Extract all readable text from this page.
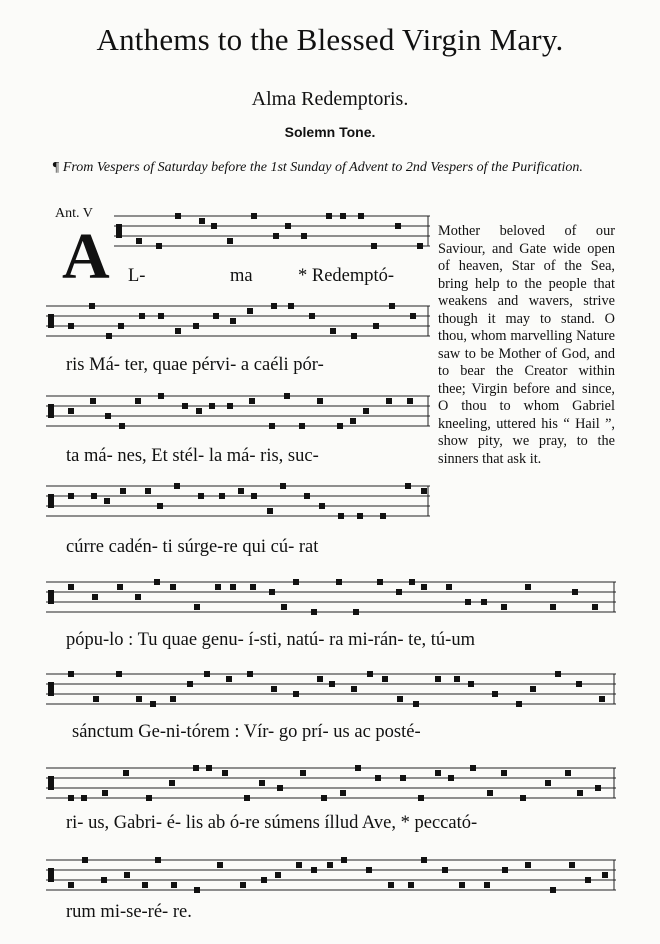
Anthems to the Blessed Virgin Mary.
Alma Redemptoris.
Solemn Tone.
¶ From Vespers of Saturday before the 1st Sunday of Advent to 2nd Vespers of the Purification.
Ant. V
A	Mother beloved of our Saviour, and Gate wide open of heaven, Star of the Sea, bring help to the people that weakens and wavers, strive though it may to stand. O thou, whom marvelling Nature saw to be Mother of God, and to bear the Creator within thee; Virgin before and since, O thou to whom Gabriel kneeling, uttered his “ Hail ”, show pity, we pray, to the sinners that ask it.
L-	ma * Redemptó-
ris Má- ter, quae pérvi- a caéli pór-
ta má- nes, Et stél- la má- ris, suc-
cúrre cadén- ti súrge-re qui cú- rat
pópu-lo : Tu quae genu- í-sti, natú- ra mi-rán- te, tú-um
sánctum Ge-ni-tórem : Vír- go prí- us ac posté-
ri- us, Gabri- é- lis ab ó-re súmens íllud Ave, * peccató-
rum mi-se-ré- re.
